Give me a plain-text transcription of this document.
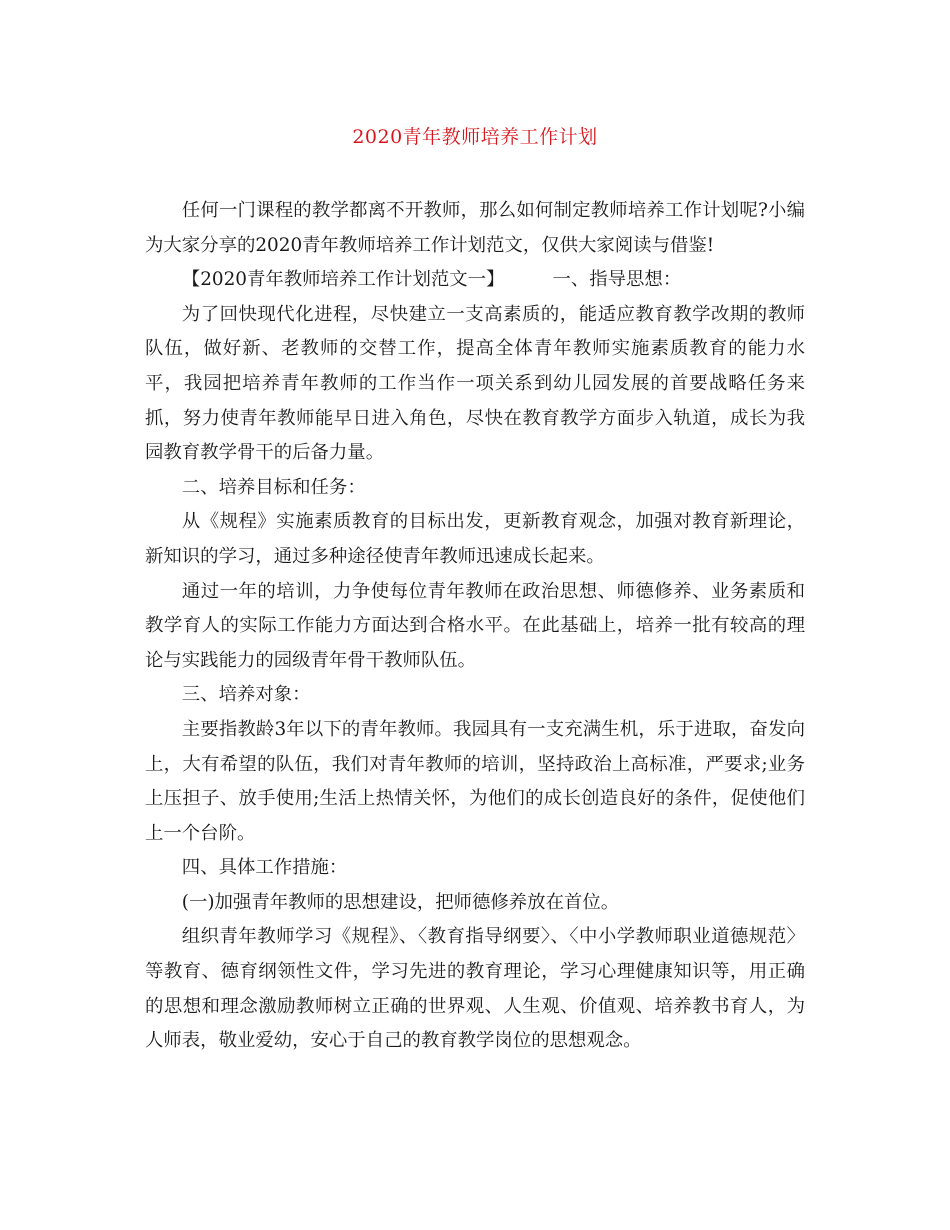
2020青年教师培养工作计划

任何一门课程的教学都离不开教师，那么如何制定教师培养工作计划呢?小编为大家分享的2020青年教师培养工作计划范文，仅供大家阅读与借鉴!

【2020青年教师培养工作计划范文一】	一、指导思想：

为了回快现代化进程，尽快建立一支高素质的，能适应教育教学改期的教师队伍，做好新、老教师的交替工作，提高全体青年教师实施素质教育的能力水平，我园把培养青年教师的工作当作一项关系到幼儿园发展的首要战略任务来抓，努力使青年教师能早日进入角色，尽快在教育教学方面步入轨道，成长为我园教育教学骨干的后备力量。

二、培养目标和任务：

从《规程》实施素质教育的目标出发，更新教育观念，加强对教育新理论，新知识的学习，通过多种途径使青年教师迅速成长起来。

通过一年的培训，力争使每位青年教师在政治思想、师德修养、业务素质和教学育人的实际工作能力方面达到合格水平。在此基础上，培养一批有较高的理论与实践能力的园级青年骨干教师队伍。

三、培养对象：

主要指教龄3年以下的青年教师。我园具有一支充满生机，乐于进取，奋发向上，大有希望的队伍，我们对青年教师的培训，坚持政治上高标准，严要求;业务上压担子、放手使用;生活上热情关怀，为他们的成长创造良好的条件，促使他们上一个台阶。

四、具体工作措施：

(一)加强青年教师的思想建设，把师德修养放在首位。

组织青年教师学习《规程》、〈教育指导纲要〉、〈中小学教师职业道德规范〉等教育、德育纲领性文件，学习先进的教育理论，学习心理健康知识等，用正确的思想和理念激励教师树立正确的世界观、人生观、价值观、培养教书育人，为人师表，敬业爱幼，安心于自己的教育教学岗位的思想观念。
